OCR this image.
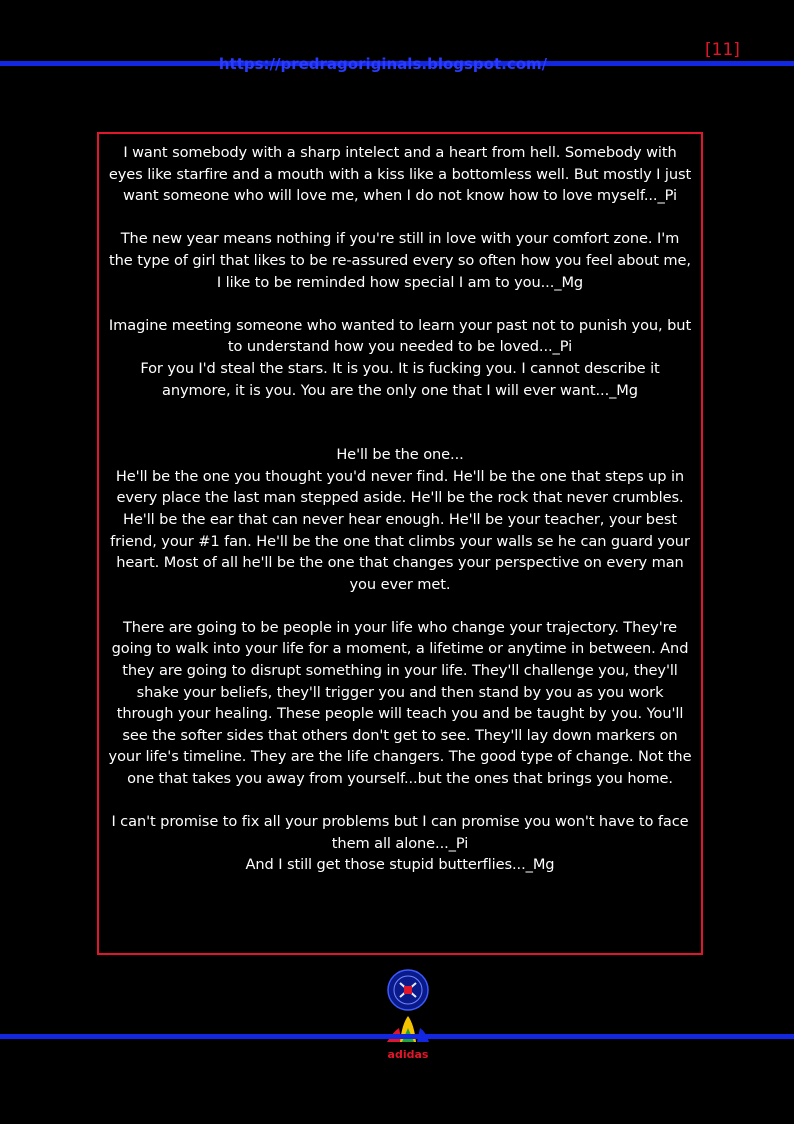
https://predragoriginals.blogspot.com/
[11]

I want somebody with a sharp intelect and a heart from hell. Somebody with eyes like starfire and a mouth with a kiss like a bottomless well. But mostly I just want someone who will love me, when I do not know how to love myself..._Pi

The new year means nothing if you're still in love with your comfort zone. I'm the type of girl that likes to be re-assured every so often how you feel about me, I like to be reminded how special I am to you..._Mg

Imagine meeting someone who wanted to learn your past not to punish you, but to understand how you needed to be loved..._Pi

For you I'd steal the stars. It is you. It is fucking you. I cannot describe it anymore, it is you. You are the only one that I will ever want..._Mg

He'll be the one...

He'll be the one you thought you'd never find. He'll be the one that steps up in every place the last man stepped aside. He'll be the rock that never crumbles. He'll be the ear that can never hear enough. He'll be your teacher, your best friend, your #1 fan. He'll be the one that climbs your walls se he can guard your heart. Most of all he'll be the one that changes your perspective on every man you ever met.

There are going to be people in your life who change your trajectory. They're going to walk into your life for a moment, a lifetime or anytime in between. And they are going to disrupt something in your life. They'll challenge you, they'll shake your beliefs, they'll trigger you and then stand by you as you work through your healing. These people will teach you and be taught by you. You'll see the softer sides that others don't get to see. They'll lay down markers on your life's timeline. They are the life changers. The good type of change. Not the one that takes you away from yourself...but the ones that brings you home.

I can't promise to fix all your problems but I can promise you won't have to face them all alone..._Pi

And I still get those stupid butterflies..._Mg

adidas
